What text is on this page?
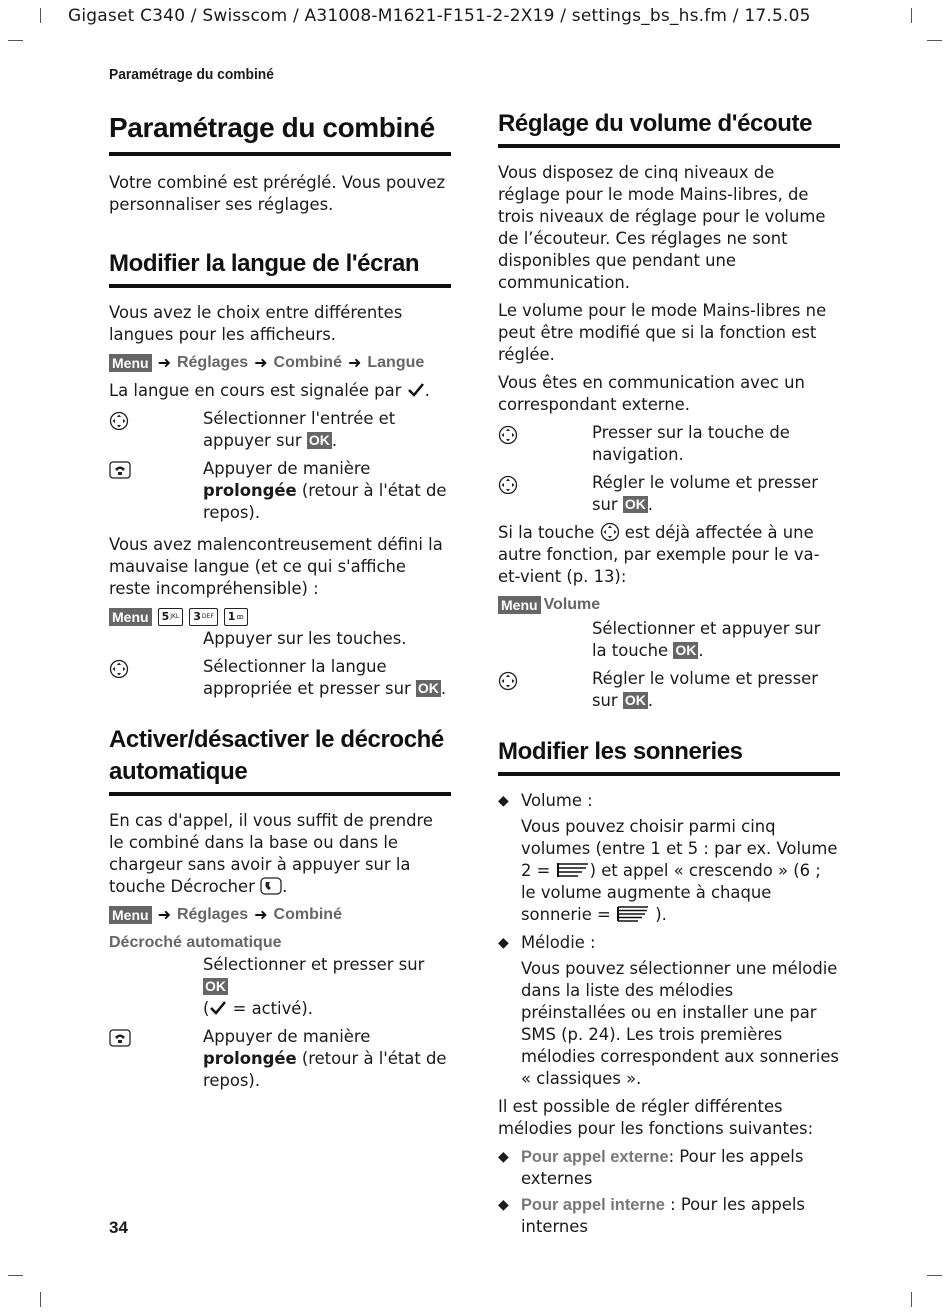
Gigaset C340 / Swisscom / A31008-M1621-F151-2-2X19 / settings_bs_hs.fm / 17.5.05
Paramétrage du combiné
Paramétrage du combiné

Votre combiné est préréglé. Vous pouvez personnaliser ses réglages.

Modifier la langue de l'écran

Vous avez le choix entre différentes langues pour les afficheurs.

Menu ➜ Réglages ➜ Combiné ➜ Langue

La langue en cours est signalée par .

Sélectionner l'entrée et appuyer sur OK .
Appuyer de manière prolongée (retour à l'état de repos).

Vous avez malencontreusement défini la mauvaise langue (et ce qui s'affiche reste incompréhensible) :

Menu 5 JKL 3 DEF 1 ꝏ

Appuyer sur les touches.

Sélectionner la langue appropriée et presser sur OK .
Activer/désactiver le décroché automatique

En cas d'appel, il vous suffit de prendre le combiné dans la base ou dans le chargeur sans avoir à appuyer sur la touche Décrocher .

Menu ➜ Réglages ➜ Combiné
Décroché automatique

Sélectionner et presser sur OK
( = activé).

Appuyer de manière prolongée (retour à l'état de repos).
Réglage du volume d'écoute

Vous disposez de cinq niveaux de réglage pour le mode Mains-libres, de trois niveaux de réglage pour le volume de l’écouteur. Ces réglages ne sont disponibles que pendant une communication.

Le volume pour le mode Mains-libres ne peut être modifié que si la fonction est réglée.

Vous êtes en communication avec un correspondant externe.

Presser sur la touche de navigation.
Régler le volume et presser sur OK .

Si la touche est déjà affectée à une autre fonction, par exemple pour le va-et-vient (p. 13):

Menu Volume

Sélectionner et appuyer sur la touche OK .

Régler le volume et presser sur OK .
Modifier les sonneries
◆ Volume :

Vous pouvez choisir parmi cinq volumes (entre 1 et 5 : par ex. Volume 2 = ) et appel « crescendo » (6 ; le volume augmente à chaque sonnerie =	).

◆ Mélodie :

Vous pouvez sélectionner une mélodie dans la liste des mélodies préinstallées ou en installer une par SMS (p. 24). Les trois premières mélodies correspondent aux sonneries « classiques ».

Il est possible de régler différentes mélodies pour les fonctions suivantes:

◆ Pour appel externe: Pour les appels externes
◆ Pour appel interne : Pour les appels internes
34
